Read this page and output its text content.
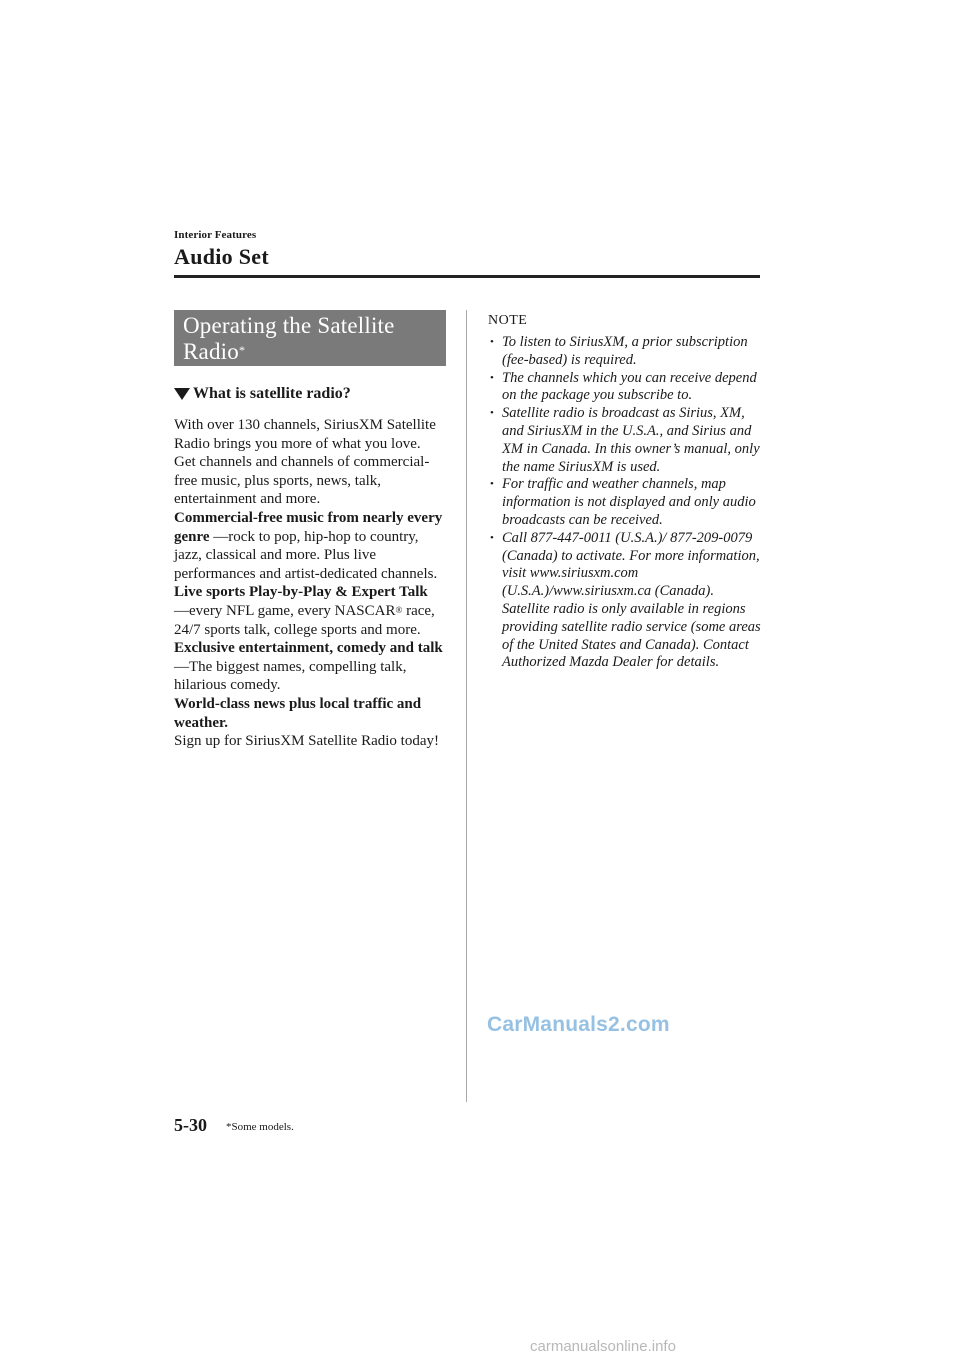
Interior Features
Audio Set
Operating the Satellite Radio*
What is satellite radio?
With over 130 channels, SiriusXM Satellite Radio brings you more of what you love. Get channels and channels of commercial-free music, plus sports, news, talk, entertainment and more.
Commercial-free music from nearly every genre —rock to pop, hip-hop to country, jazz, classical and more. Plus live performances and artist-dedicated channels.
Live sports Play-by-Play & Expert Talk
—every NFL game, every NASCAR® race, 24/7 sports talk, college sports and more.
Exclusive entertainment, comedy and talk —The biggest names, compelling talk, hilarious comedy.
World-class news plus local traffic and weather.
Sign up for SiriusXM Satellite Radio today!
NOTE
• To listen to SiriusXM, a prior subscription (fee-based) is required.
• The channels which you can receive depend on the package you subscribe to.
• Satellite radio is broadcast as Sirius, XM, and SiriusXM in the U.S.A., and Sirius and XM in Canada. In this owner’s manual, only the name SiriusXM is used.
• For traffic and weather channels, map information is not displayed and only audio broadcasts can be received.
• Call 877-447-0011 (U.S.A.)/ 877-209-0079 (Canada) to activate. For more information, visit www.siriusxm.com (U.S.A.)/www.siriusxm.ca (Canada). Satellite radio is only available in regions providing satellite radio service (some areas of the United States and Canada). Contact Authorized Mazda Dealer for details.
CarManuals2.com
5-30 *Some models.
carmanualsonline.info
